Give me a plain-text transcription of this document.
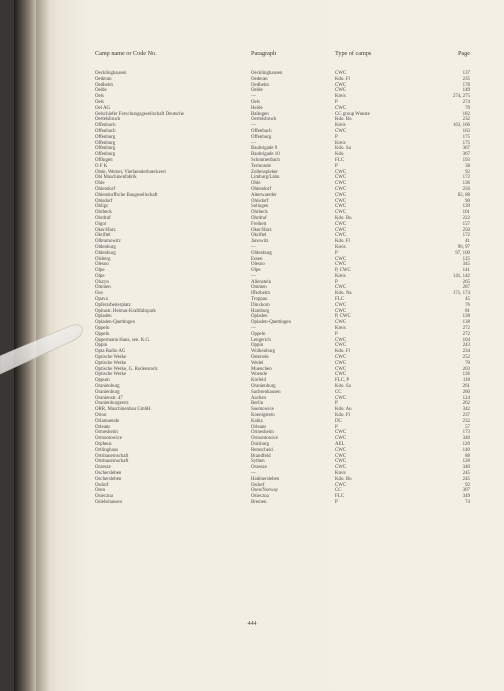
Camp name or Code No.	Paragraph	Type of camps	Page
Oecklinghausen	Oecklinghausen	CWC	137
Oederan	Oederan	Kdo. Fl	235
Oedheim	Oedheim	CWC	178
Oelde	Oelde	CWC	149
Oels	—	Kreis	274, 275
Oels	Oels	P	274
Oel AG	Heide	CWC	70
Oelschiefer Forschungsgesellschaft Deutsche	Balingen	CC group Wueste	182
Oertelsbruch	Oertelsbruch	Kdo. Bu	232
Offenbach	—	Kreis	163, 166
Offenbach	Offenbach	CWC	163
Offenburg	Offenburg	P	175
Offenburg	—	Kreis	175
Offenburg	Baubrigade 9	Kdo. Sa	367
Offenburg	Baubrigade 10	Kdo.	367
Offingen	Schnuttenbach	FLC	193
O F K	Termonde	P	38
Ohde, Werner, Vierlaenderbaeckerei	Zollenspieker	CWC	92
Ohl Maschinenfabrik	Limburg/Lahn	CWC	172
Ohle	Ohle	CWC	136
Ohlendorf	Ohlendorf	CWC	256
Ohlendorffsche Baugesellschaft	Alterwaerder	CWC	82, 88
Ohlsdorf	Ohlsdorf	CWC	90
Ohligs	Solingen	CWC	139
Ohrbeck	Ohrbeck	CWC	101
Ohrdruf	Ohrdruf	Kdo. Bu	222
Oigor	Freiheit	CWC	157
Oker/Harz	Oker/Harz	CWC	250
Okriftel	Okriftel	CWC	172
Olbramowitz	Janowitz	Kdo. Fl	41
Oldenburg	—	Kreis	96, 97
Oldenburg	Oldenburg	P	97, 100
Olsberg	Essen	CWC	125
Olesno	Olesno	CWC	345
Olpe	Olpe	P, CWC	141
Olpe	—	Kreis	141, 142
Olszyn	Allenstein	P	265
Ommen	Ommen	CWC	287
Oos	Iffezheim	Kdo. Na	171, 174
Opava	Troppau	FLC	45
Opferarbeiterplatz	Dinxhorn	CWC	76
Opitastr. Heimat-Kraftfahrpark	Hamburg	CWC	81
Opladen	Opladen	P, CWC	138
Opladen-Quettingen	Opladen-Quettingen	CWC	138
Oppeln	—	Kreis	272
Oppeln	Oppeln	P	272
Oppermann Hans, sen. K.G.	Lengerich	CWC	104
Oppin	Oppin	CWC	243
Opta Radio AG	Wolkenburg	Kdo. Fl	234
Optische Werke	Osterode	CWC	252
Optische Werke	Wedel	CWC	70
Optische Werke, G. Rodenstock	Muenchen	CWC	203
Optische Werke	Woende	CWC	136
Oppum	Krefeld	FLC, P	118
Oranienburg	Oranienburg	Kdo. Sa	261
Oranienburg	Sachsenhausen	CC	260
Oranienstr. 47	Aachen	CWC	124
Oranienburgerstr.	Berlin	P	262
ORR, Maschinenbau GmbH.	Soemowice	Kdo. Au	342
Orion	Koenigstein	Kdo. Fl	237
Orlamuende	Kahla	DC	232
Orleans	Orleans	P	57
Ormesheim	Ormesheim	CWC	173
Ormontowice	Ormontowice	CWC	340
Orpheus	Duisburg	AEL	120
Ortlinghaus	Remscheid	CWC	140
Ortsbauernschaft	Brandfeld	CWC	88
Ortsbauernschaft	Sythen	CWC	128
Orzesze	Orzesze	CWC	340
Oschersleben	—	Kreis	245
Oschersleben	Hadmersleben	Kdo. Bu	245
Osdorf	Osdorf	CWC	92
Osen	Osen/Norway	CC	307
Osieczna	Osieczna	FLC	349
Oslebshausen	Bremen	P	74
444
